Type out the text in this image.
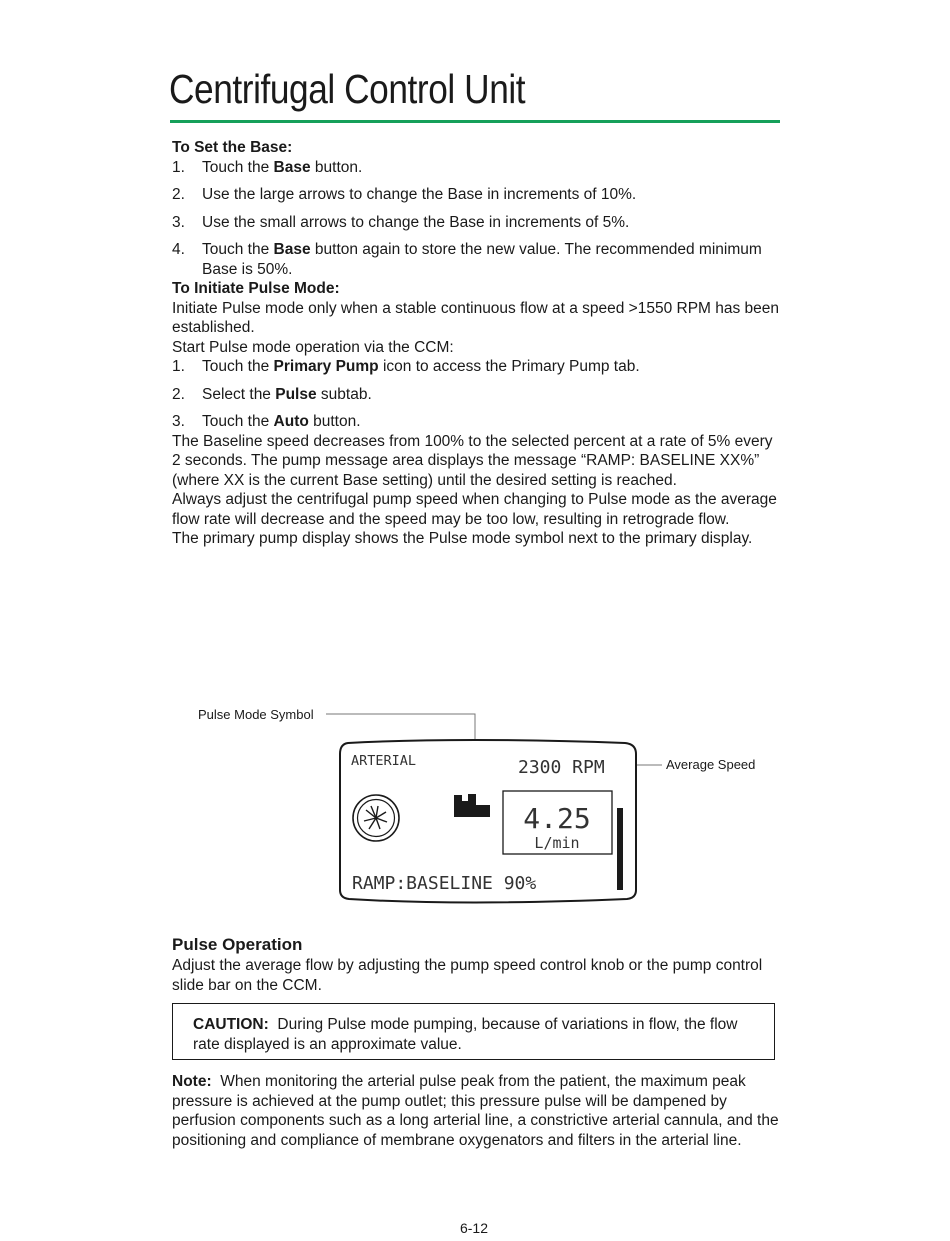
Centrifugal Control Unit

To Set the Base:

1.	Touch the Base button.
2.	Use the large arrows to change the Base in increments of 10%.
3.	Use the small arrows to change the Base in increments of 5%.
4.	Touch the Base button again to store the new value. The recommended minimum Base is 50%.

To Initiate Pulse Mode:

Initiate Pulse mode only when a stable continuous flow at a speed >1550 RPM has been established.

Start Pulse mode operation via the CCM:

1.	Touch the Primary Pump icon to access the Primary Pump tab.
2.	Select the Pulse subtab.
3.	Touch the Auto button.

The Baseline speed decreases from 100% to the selected percent at a rate of 5% every 2 seconds. The pump message area displays the message “RAMP: BASELINE XX%” (where XX is the current Base setting) until the desired setting is reached.

Always adjust the centrifugal pump speed when changing to Pulse mode as the average flow rate will decrease and the speed may be too low, resulting in retrograde flow.

The primary pump display shows the Pulse mode symbol next to the primary display.

Pulse Mode Symbol
Average Speed
ARTERIAL	2300 RPM
4.25
L/min
RAMP:BASELINE 90%
Pulse Operation

Adjust the average flow by adjusting the pump speed control knob or the pump control slide bar on the CCM.

CAUTION: During Pulse mode pumping, because of variations in flow, the flow rate displayed is an approximate value.

Note: When monitoring the arterial pulse peak from the patient, the maximum peak pressure is achieved at the pump outlet; this pressure pulse will be dampened by perfusion components such as a long arterial line, a constrictive arterial cannula, and the positioning and compliance of membrane oxygenators and filters in the arterial line.

6-12
